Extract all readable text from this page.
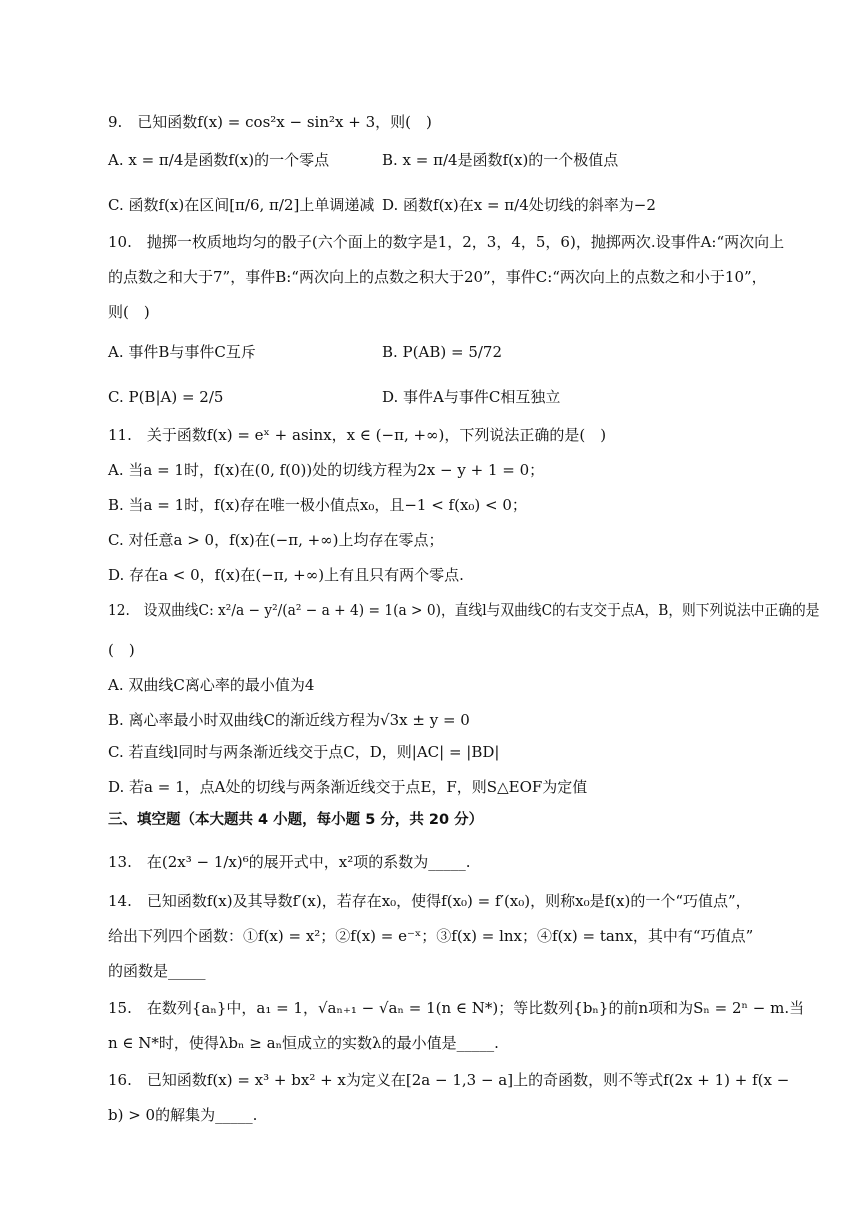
9.　已知函数f(x) = cos²x − sin²x + 3，则(　)
A. x = π/4是函数f(x)的一个零点	B. x = π/4是函数f(x)的一个极值点
C. 函数f(x)在区间[π/6, π/2]上单调递减 D. 函数f(x)在x = π/4处切线的斜率为−2
10.　抛掷一枚质地均匀的骰子(六个面上的数字是1，2，3，4，5，6)，抛掷两次.设事件A:“两次向上
的点数之和大于7”，事件B:“两次向上的点数之积大于20”，事件C:“两次向上的点数之和小于10”，
则(　)
A. 事件B与事件C互斥	B. P(AB) = 5/72
C. P(B|A) = 2/5	D. 事件A与事件C相互独立
11.　关于函数f(x) = eˣ + asinx，x ∈ (−π, +∞)，下列说法正确的是(　)
A. 当a = 1时，f(x)在(0, f(0))处的切线方程为2x − y + 1 = 0；
B. 当a = 1时，f(x)存在唯一极小值点x₀，且−1 < f(x₀) < 0；
C. 对任意a > 0，f(x)在(−π, +∞)上均存在零点；
D. 存在a < 0，f(x)在(−π, +∞)上有且只有两个零点.
12.　设双曲线C: x²/a − y²/(a² − a + 4) = 1(a > 0)，直线l与双曲线C的右支交于点A，B，则下列说法中正确的是
(　)
A. 双曲线C离心率的最小值为4
B. 离心率最小时双曲线C的渐近线方程为√3x ± y = 0
C. 若直线l同时与两条渐近线交于点C，D，则|AC| = |BD|
D. 若a = 1，点A处的切线与两条渐近线交于点E，F，则S△EOF为定值
三、填空题（本大题共 4 小题，每小题 5 分，共 20 分）
13.　在(2x³ − 1/x)⁶的展开式中，x²项的系数为_____.
14.　已知函数f(x)及其导数f′(x)，若存在x₀，使得f(x₀) = f′(x₀)，则称x₀是f(x)的一个“巧值点”，
给出下列四个函数：①f(x) = x²；②f(x) = e⁻ˣ；③f(x) = lnx；④f(x) = tanx，其中有“巧值点”
的函数是_____
15.　在数列{aₙ}中，a₁ = 1，√aₙ₊₁ − √aₙ = 1(n ∈ N*)；等比数列{bₙ}的前n项和为Sₙ = 2ⁿ − m.当
n ∈ N*时，使得λbₙ ≥ aₙ恒成立的实数λ的最小值是_____.
16.　已知函数f(x) = x³ + bx² + x为定义在[2a − 1,3 − a]上的奇函数，则不等式f(2x + 1) + f(x −
b) > 0的解集为_____.
